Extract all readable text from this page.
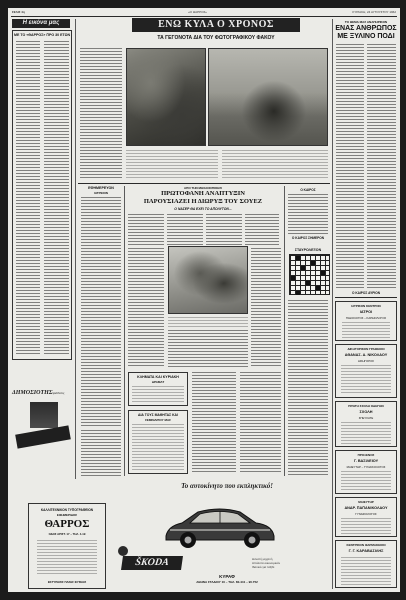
ΣΕΛΙΣ 4η	«Ο ΘΑΡΡΟΣ»	ΚΥΡΙΑΚΗ, 24 ΑΥΓΟΥΣΤΟΥ 1962
Η εικόνα μας
ΜΕ ΤΟ «ΘΑΡΡΟΣ» ΠΡΟ 30 ΕΤΩΝ
ΔΗΜΟΣΙΟΤΗΣ πρόθεσις
ΕΝΩ ΚΥΛΑ Ο ΧΡΟΝΟΣ
ΤΑ ΓΕΓΟΝΟΤΑ ΔΙΑ ΤΟΥ ΦΩΤΟΓΡΑΦΙΚΟΥ ΦΑΚΟΥ
ΤΟ ΘΕΜΑ ΜΑΣ ΑΝΑΠΗΡΙΚΟΝ
ΕΝΑΣ ΑΝΘΡΩΠΟΣ
ΜΕ ΞΥΛΙΝΟ ΠΟΔΙ
Ο ΚΑΙΡΟΣ ΑΥΡΙΟΝ
ΕΦΗΜΕΡΕΥΟΝ
ΙΑΤΡΕΙΟΝ
ΑΠΟ ΤΗΝ ΜΗΧΑΝΟΠΟΙΗΣΙ
ΠΡΩΤΟΦΑΝΗ ΑΝΑΠΤΥΞΙΝ
ΠΑΡΟΥΣΙΑΖΕΙ Η ΔΙΩΡΥΞ ΤΟΥ ΣΟΥΕΖ
Ο ΝΑΣΕΡ ΘΑ ΕΧΕΙ ΤΟ ΑΠΟΛΥΤΟΝ...
Ο ΚΑΙΡΟΣ
Ο ΚΑΙΡΟΣ ΣΗΜΕΡΟΝ
ΣΤΑΥΡΟΛΕΞΟΝ
ΙΑΤΡΙΚΟΝ ΚΕΝΤΡΟΝ
ΙΑΤΡΟΙ
ΠΑΘΟΛΟΓΟΣ – ΚΑΡΔΙΟΛΟΓΟΣ
ΔΙΚΗΓΟΡΙΚΟΝ ΓΡΑΦΕΙΟΝ
ΑΘΑΝΑΣ. Α. ΝΙΚΟΛΑΟΥ
ΔΙΚΗΓΟΡΟΣ
ΠΡΩΤΗ ΣΧΟΛΗ ΟΔΗΓΩΝ
ΣΧΟΛΗ
ΣΠΕΥΣΑΤΕ
ΠΡΟΞΕΝΟΣ
Γ. ΒΑΣΙΛΕΙΟΥ
ΜΑΙΕΥΤΗΡ – ΓΥΝΑΙΚΟΛΟΓΟΣ
ΜΑΙΕΥΤΗΡ
ΑΝΔΡ. ΠΑΠΑΝΙΚΟΛΑΟΥ
ΓΥΝΑΙΚΟΛΟΓΟΣ
ΚΕΝΤΡΙΚΟΝ ΦΑΡΜΑΚΕΙΟΝ
Γ. Γ. ΚΑΡΑΒΑΣΙΛΗΣ
ΚΛΗΜΑΤΑ ΚΑΙ ΚΥΡΙΑΚΗ
ΔΡΑΜΑΤ
ΔΙΑ ΤΟΥΣ ΜΑΘΗΤΑΣ ΚΑΙ
ΣΕΜΙΝΑΡΙΟΥ ΜΑΣ
ΚΑΛΛΙΤΕΧΝΙΚΟΝ ΤΥΠΟΓΡΑΦΕΙΟΝ
ΕΦΗΜΕΡΙΔΟΣ
ΘΑΡΡΟΣ
ΟΔΟΣ ΑΡΙΣΤ. 17 – ΤΗΛ. 4-19
ΕΚΤΥΠΩΣΙΣ ΠΑΣΗΣ ΦΥΣΕΩΣ
Το αυτοκίνητο που εκπληκτικό!
ŠKODA	Δυνατή μηχανή
Απόλυτα οικονομικόν
Ιδανικό για ταξίδι
ΚΥΡΑΦ
ΑΘΗΝΑ ΣΤΑΔΙΟΥ 10 – ΤΗΛ. 80-441 – 90.752
